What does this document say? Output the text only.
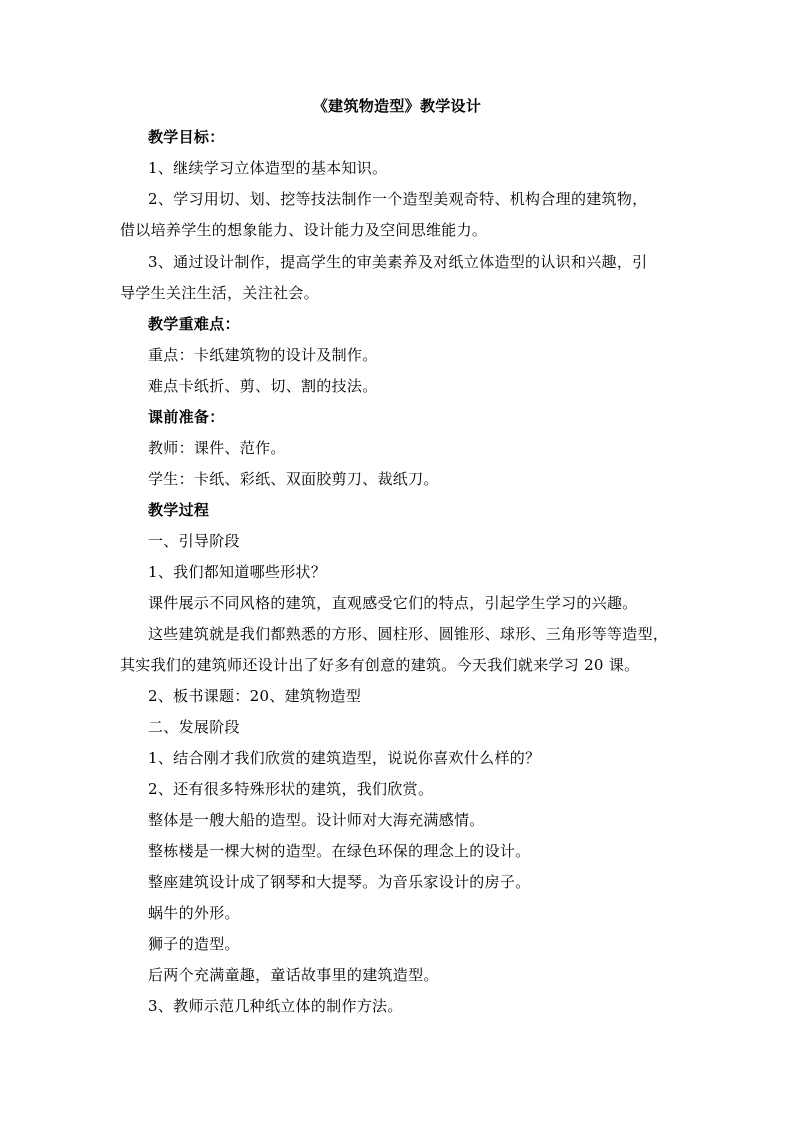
《建筑物造型》教学设计
教学目标：
1、继续学习立体造型的基本知识。
2、学习用切、划、挖等技法制作一个造型美观奇特、机构合理的建筑物，
借以培养学生的想象能力、设计能力及空间思维能力。
3、通过设计制作，提高学生的审美素养及对纸立体造型的认识和兴趣，引
导学生关注生活，关注社会。
教学重难点：
重点：卡纸建筑物的设计及制作。
难点卡纸折、剪、切、割的技法。
课前准备：
教师：课件、范作。
学生：卡纸、彩纸、双面胶剪刀、裁纸刀。
教学过程
一、引导阶段
1、我们都知道哪些形状？
课件展示不同风格的建筑，直观感受它们的特点，引起学生学习的兴趣。
这些建筑就是我们都熟悉的方形、圆柱形、圆锥形、球形、三角形等等造型，
其实我们的建筑师还设计出了好多有创意的建筑。今天我们就来学习 20 课。
2、板书课题：20、建筑物造型
二、发展阶段
1、结合刚才我们欣赏的建筑造型，说说你喜欢什么样的？
2、还有很多特殊形状的建筑，我们欣赏。
整体是一艘大船的造型。设计师对大海充满感情。
整栋楼是一棵大树的造型。在绿色环保的理念上的设计。
整座建筑设计成了钢琴和大提琴。为音乐家设计的房子。
蜗牛的外形。
狮子的造型。
后两个充满童趣，童话故事里的建筑造型。
3、教师示范几种纸立体的制作方法。
